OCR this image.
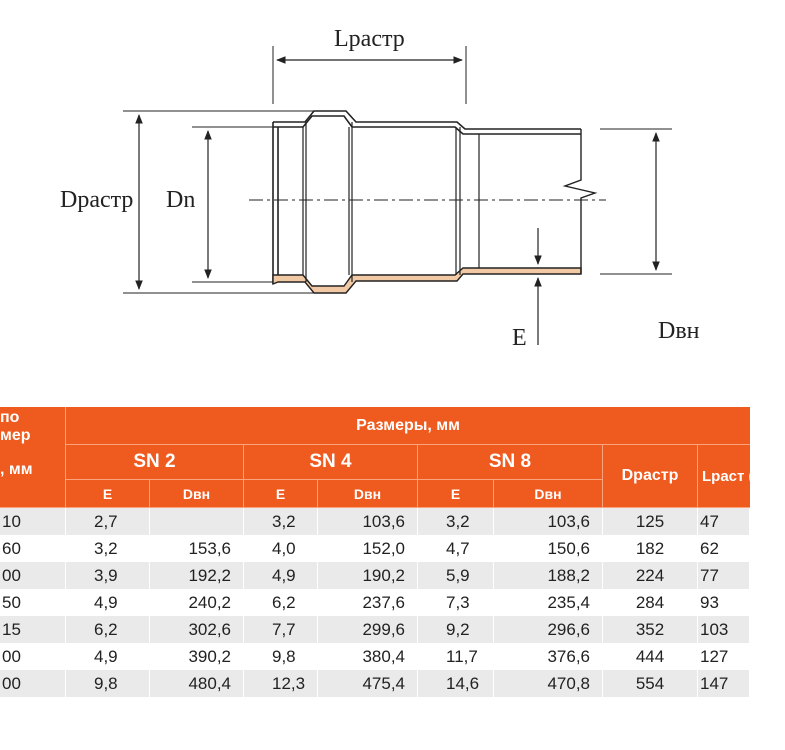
Lраcтр
Dраcтр Dn
E	Dвн
по
мер
, мм	Размеры, мм							
	SN 2		SN 4		SN 8		Dраcтр	Lраcт (min)
	E	Dвн	E	Dвн	E	Dвн		
10	2,7		3,2	103,6	3,2	103,6	125	47
60	3,2	153,6	4,0	152,0	4,7	150,6	182	62
00	3,9	192,2	4,9	190,2	5,9	188,2	224	77
50	4,9	240,2	6,2	237,6	7,3	235,4	284	93
15	6,2	302,6	7,7	299,6	9,2	296,6	352	103
00	4,9	390,2	9,8	380,4	11,7	376,6	444	127
00	9,8	480,4	12,3	475,4	14,6	470,8	554	147
